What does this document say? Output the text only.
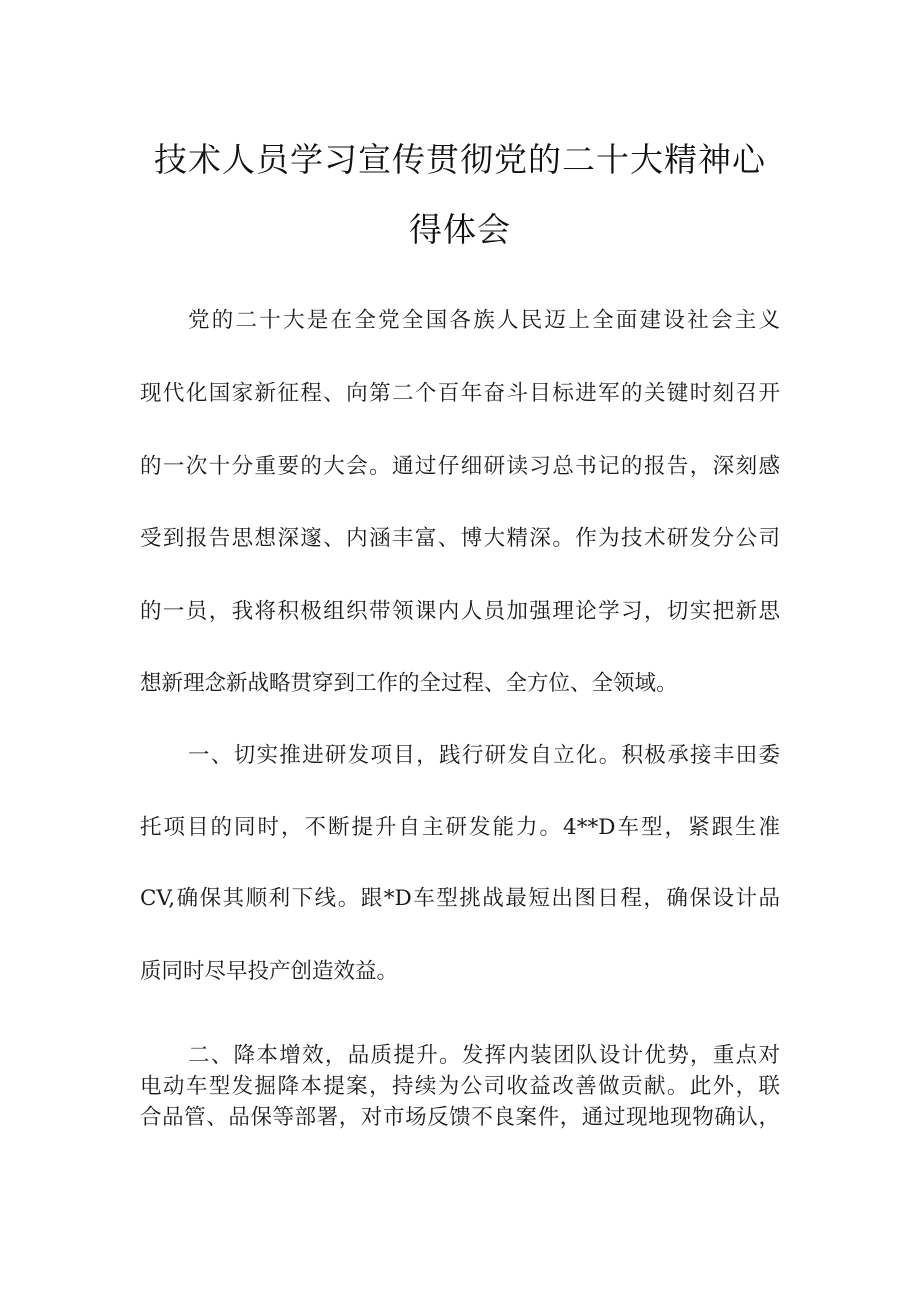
技术人员学习宣传贯彻党的二十大精神心
得体会
党的二十大是在全党全国各族人民迈上全面建设社会主义
现代化国家新征程、向第二个百年奋斗目标进军的关键时刻召开
的一次十分重要的大会。通过仔细研读习总书记的报告，深刻感
受到报告思想深邃、内涵丰富、博大精深。作为技术研发分公司
的一员，我将积极组织带领课内人员加强理论学习，切实把新思
想新理念新战略贯穿到工作的全过程、全方位、全领域。
一、切实推进研发项目，践行研发自立化。积极承接丰田委
托项目的同时，不断提升自主研发能力。4**D车型，紧跟生准
CV,确保其顺利下线。跟*D车型挑战最短出图日程，确保设计品
质同时尽早投产创造效益。
二、降本增效，品质提升。发挥内装团队设计优势，重点对
电动车型发掘降本提案，持续为公司收益改善做贡献。此外，联
合品管、品保等部署，对市场反馈不良案件，通过现地现物确认，
